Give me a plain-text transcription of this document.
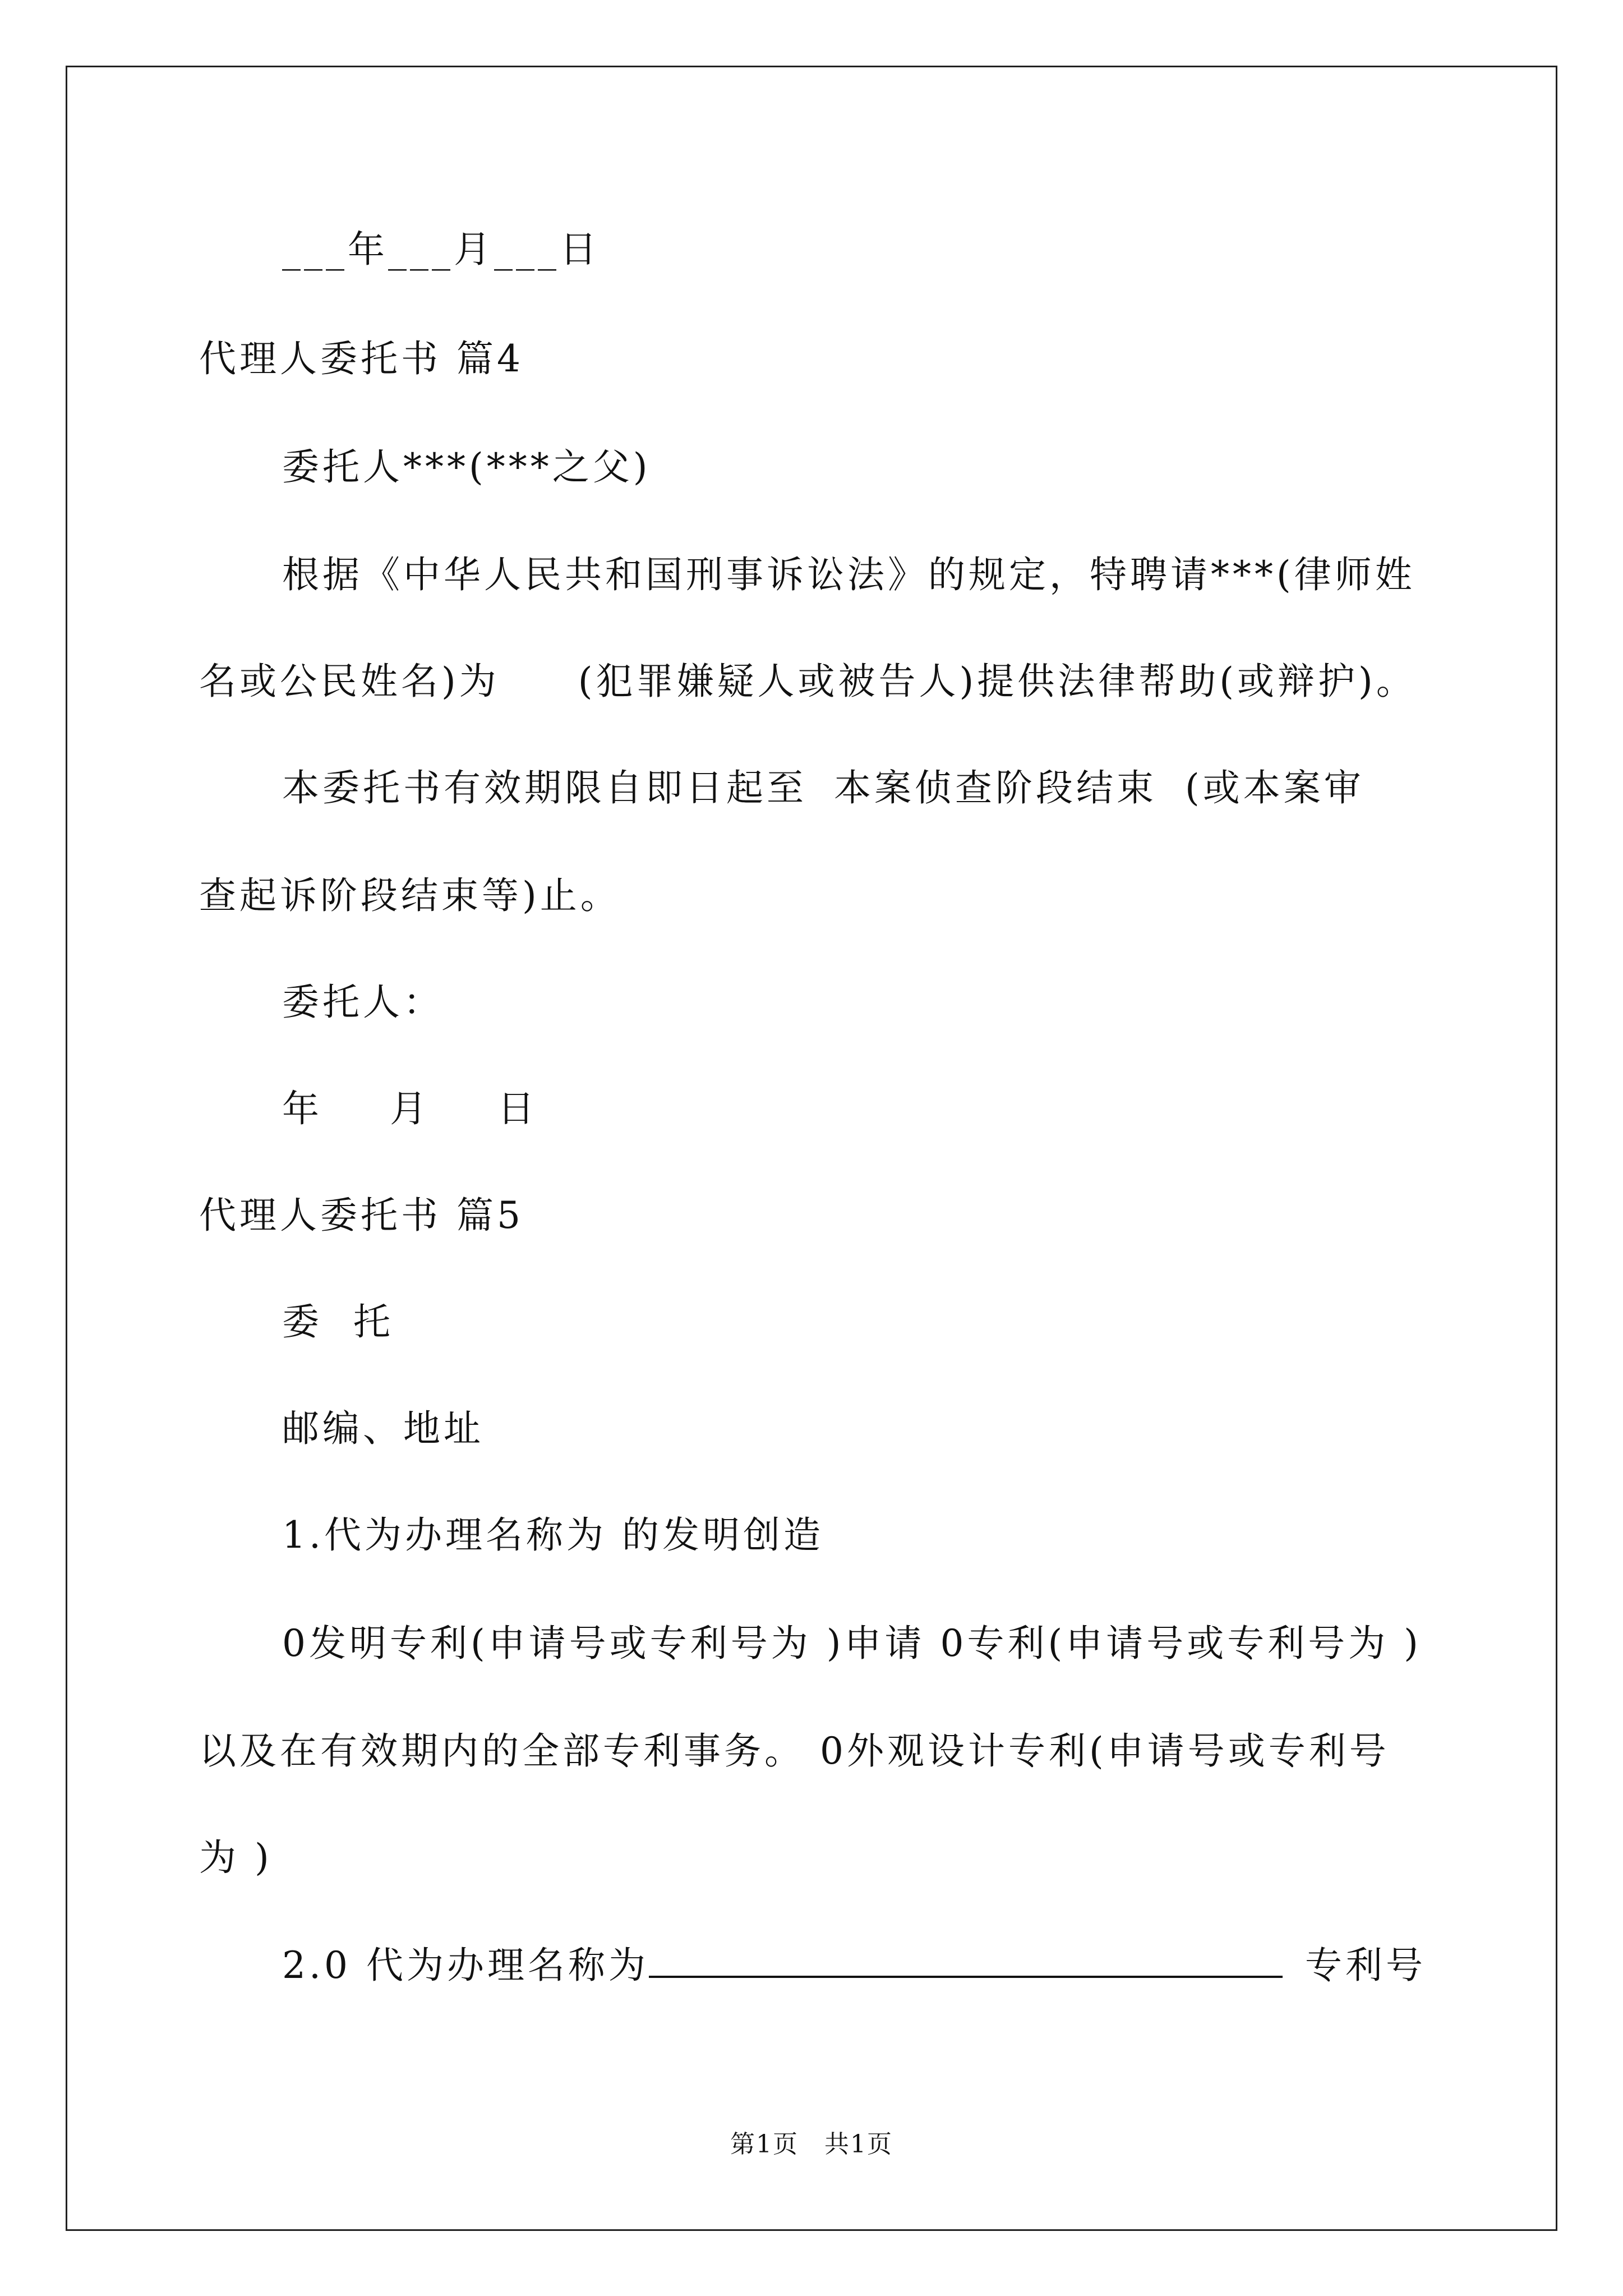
___年___月___日
代理人委托书 篇4
委托人***(***之父)
根据《中华人民共和国刑事诉讼法》的规定，特聘请***(律师姓
名或公民姓名)为 (犯罪嫌疑人或被告人)提供法律帮助(或辩护)。
本委托书有效期限自即日起至 本案侦查阶段结束 (或本案审
查起诉阶段结束等)止。
委托人：
年　月　日
代理人委托书 篇5
委 托
邮编、地址
1.代为办理名称为 的发明创造
0发明专利(申请号或专利号为 )申请 0专利(申请号或专利号为 )
以及在有效期内的全部专利事务。 0外观设计专利(申请号或专利号
为 )
2.0 代为办理名称为	专利号
第1页　共1页
